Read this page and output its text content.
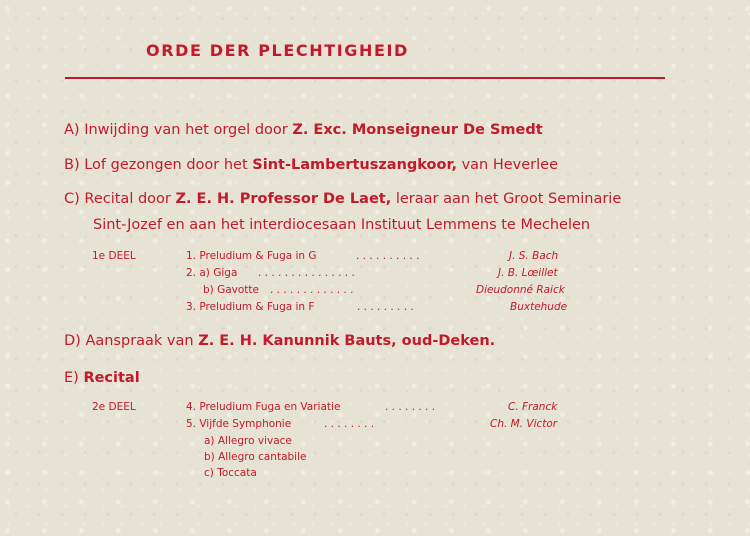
ORDE DER PLECHTIGHEID
A) Inwijding van het orgel door Z. Exc. Monseigneur De Smedt
B) Lof gezongen door het Sint-Lambertuszangkoor, van Heverlee
C) Recital door Z. E. H. Professor De Laet, leraar aan het Groot Seminarie
Sint-Jozef en aan het interdiocesaan Instituut Lemmens te Mechelen
1e DEEL	1. Preludium & Fuga in G	. . . . . . . . . .	J. S. Bach
2. a) Giga . . . . . . . . . . . . . . .	J. B. Lœillet
b) Gavotte . . . . . . . . . . . . .	Dieudonné Raick
3. Preludium & Fuga in F	. . . . . . . . .	Buxtehude
D) Aanspraak van Z. E. H. Kanunnik Bauts, oud-Deken.
E) Recital
2e DEEL	4. Preludium Fuga en Variatie	. . . . . . . .	C. Franck
5. Vijfde Symphonie	. . . . . . . .	Ch. M. Victor
a) Allegro vivace
b) Allegro cantabile
c) Toccata
